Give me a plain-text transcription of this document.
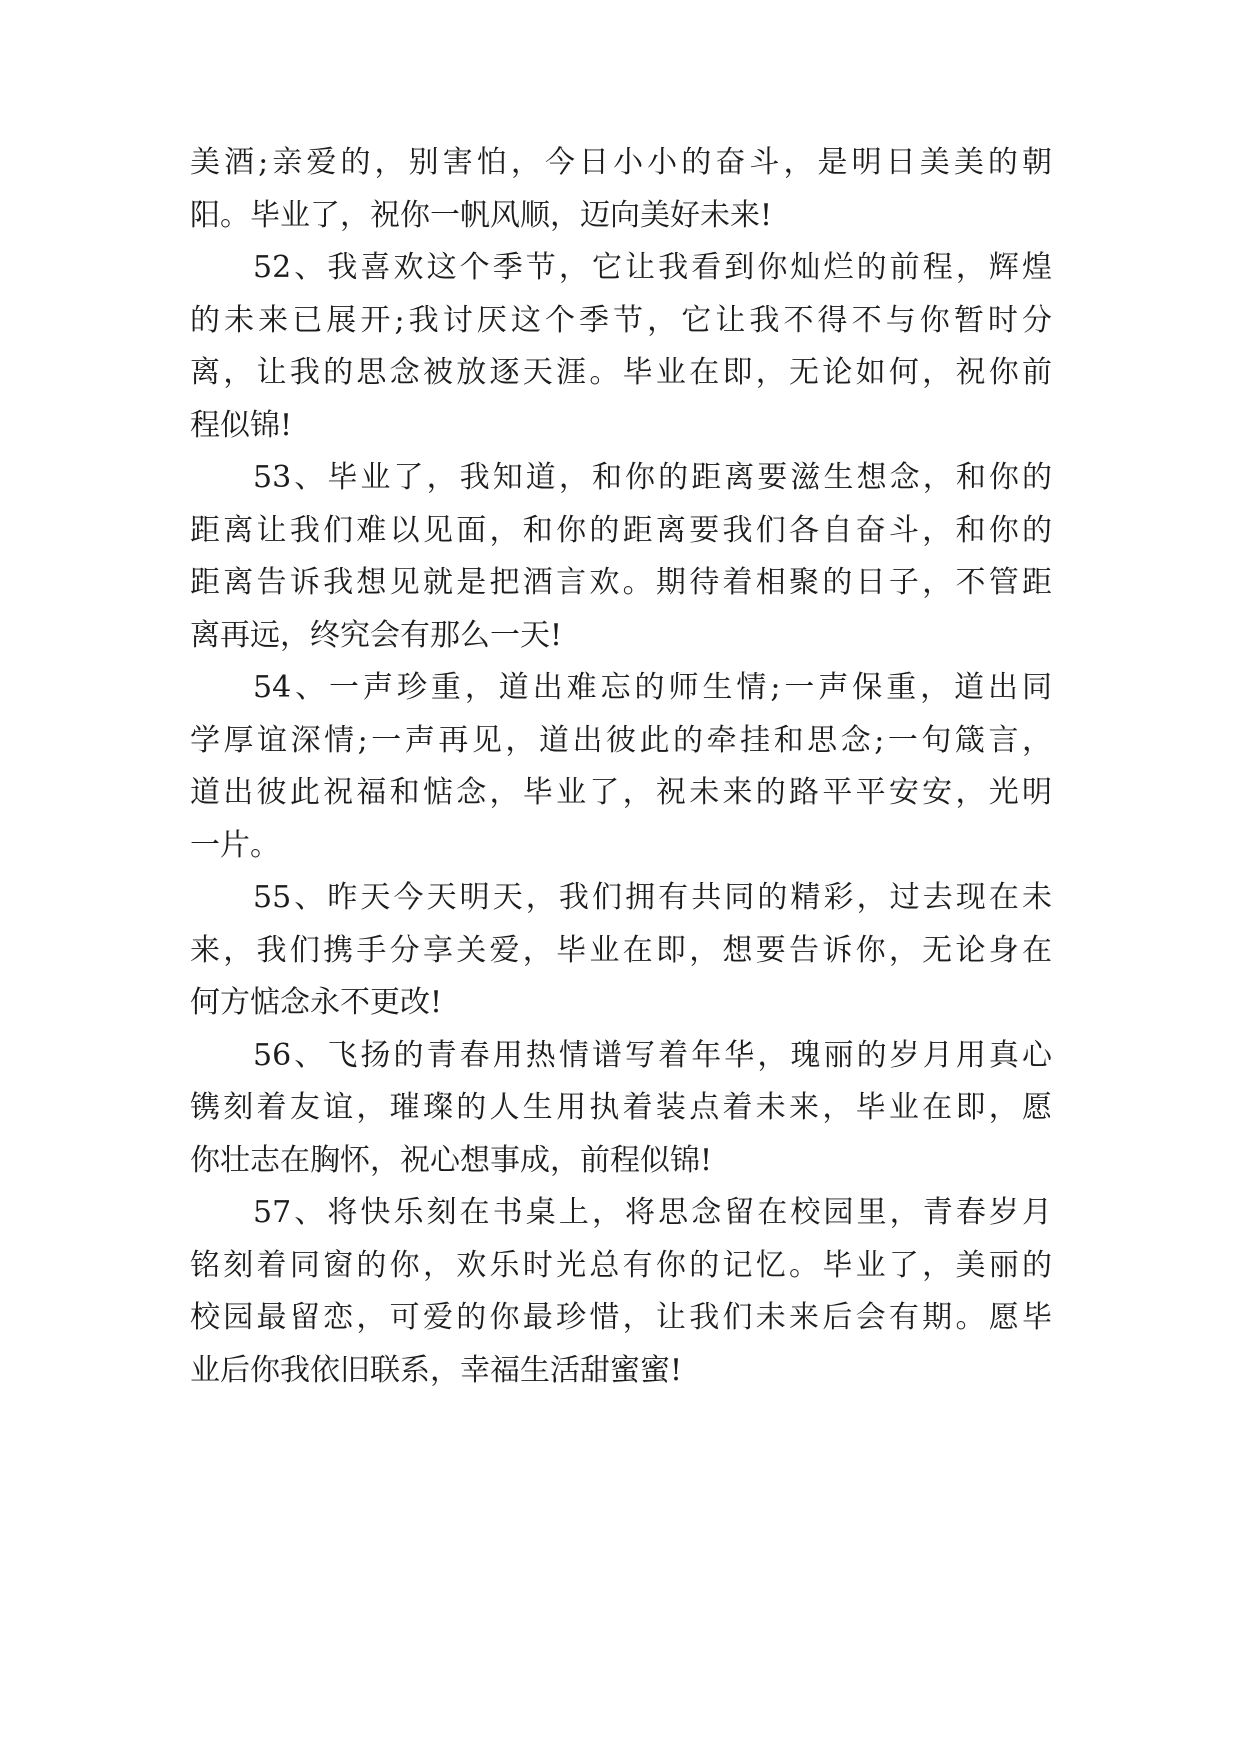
美酒;亲爱的，别害怕，今日小小的奋斗，是明日美美的朝
阳。毕业了，祝你一帆风顺，迈向美好未来!
52、我喜欢这个季节，它让我看到你灿烂的前程，辉煌
的未来已展开;我讨厌这个季节，它让我不得不与你暂时分
离，让我的思念被放逐天涯。毕业在即，无论如何，祝你前
程似锦!
53、毕业了，我知道，和你的距离要滋生想念，和你的
距离让我们难以见面，和你的距离要我们各自奋斗，和你的
距离告诉我想见就是把酒言欢。期待着相聚的日子，不管距
离再远，终究会有那么一天!
54、一声珍重，道出难忘的师生情;一声保重，道出同
学厚谊深情;一声再见，道出彼此的牵挂和思念;一句箴言，
道出彼此祝福和惦念，毕业了，祝未来的路平平安安，光明
一片。
55、昨天今天明天，我们拥有共同的精彩，过去现在未
来，我们携手分享关爱，毕业在即，想要告诉你，无论身在
何方惦念永不更改!
56、飞扬的青春用热情谱写着年华，瑰丽的岁月用真心
镌刻着友谊，璀璨的人生用执着装点着未来，毕业在即，愿
你壮志在胸怀，祝心想事成，前程似锦!
57、将快乐刻在书桌上，将思念留在校园里，青春岁月
铭刻着同窗的你，欢乐时光总有你的记忆。毕业了，美丽的
校园最留恋，可爱的你最珍惜，让我们未来后会有期。愿毕
业后你我依旧联系，幸福生活甜蜜蜜!
